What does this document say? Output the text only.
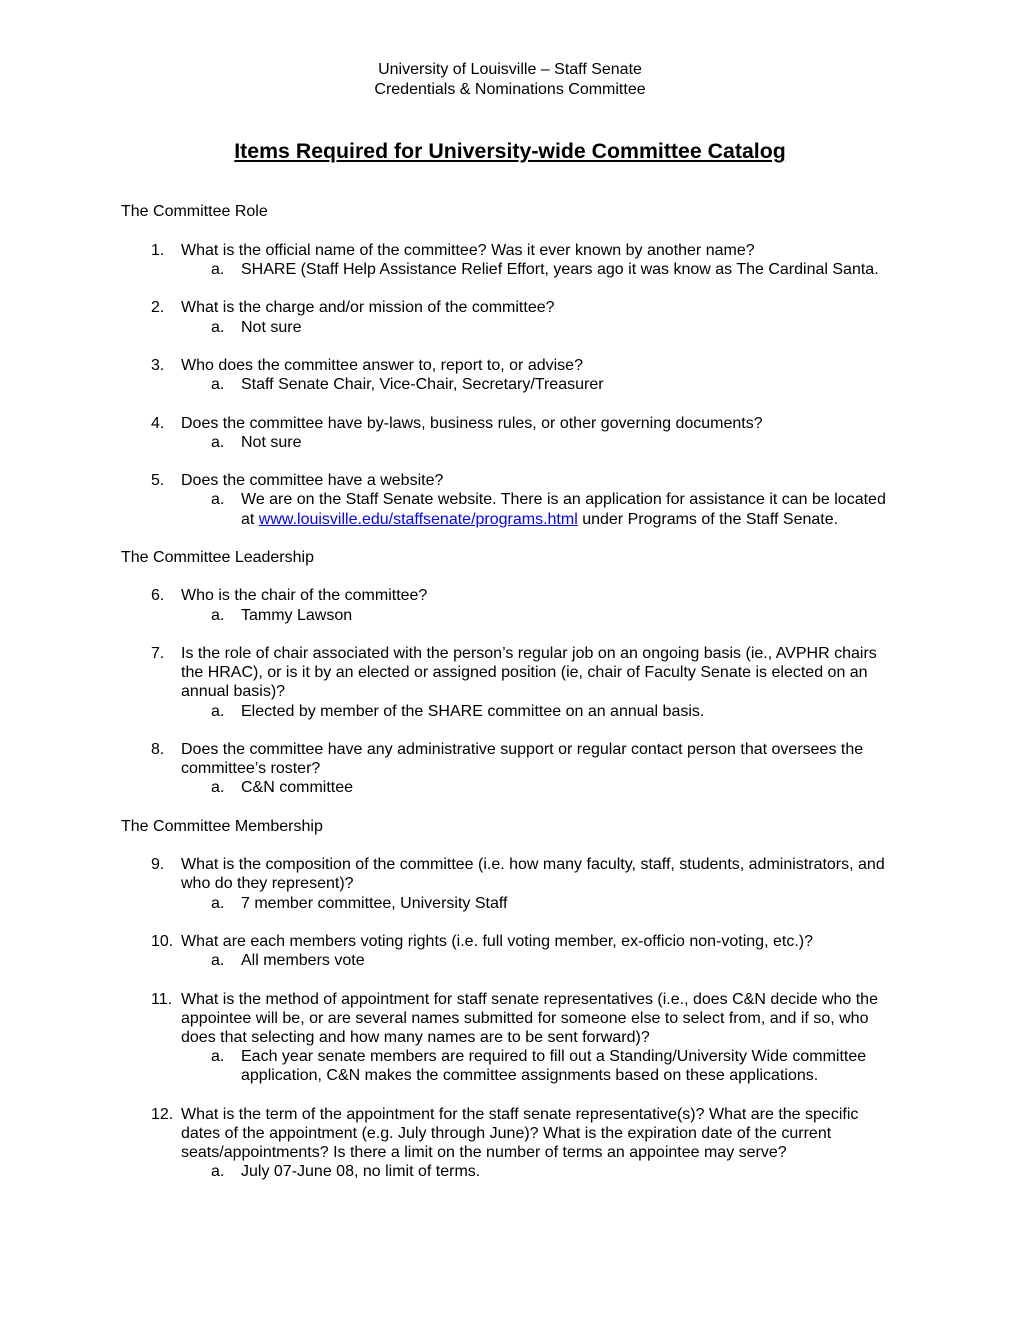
University of Louisville – Staff Senate
Credentials & Nominations Committee
Items Required for University-wide Committee Catalog
The Committee Role
1. What is the official name of the committee? Was it ever known by another name?
a. SHARE (Staff Help Assistance Relief Effort, years ago it was know as The Cardinal Santa.
2. What is the charge and/or mission of the committee?
a. Not sure
3. Who does the committee answer to, report to, or advise?
a. Staff Senate Chair, Vice-Chair, Secretary/Treasurer
4. Does the committee have by-laws, business rules, or other governing documents?
a. Not sure
5. Does the committee have a website?
a. We are on the Staff Senate website. There is an application for assistance it can be located at www.louisville.edu/staffsenate/programs.html under Programs of the Staff Senate.
The Committee Leadership
6. Who is the chair of the committee?
a. Tammy Lawson
7. Is the role of chair associated with the person’s regular job on an ongoing basis (ie., AVPHR chairs the HRAC), or is it by an elected or assigned position (ie, chair of Faculty Senate is elected on an annual basis)?
a. Elected by member of the SHARE committee on an annual basis.
8. Does the committee have any administrative support or regular contact person that oversees the committee’s roster?
a. C&N committee
The Committee Membership
9. What is the composition of the committee (i.e. how many faculty, staff, students, administrators, and who do they represent)?
a. 7 member committee, University Staff
10. What are each members voting rights (i.e. full voting member, ex-officio non-voting, etc.)?
a. All members vote
11. What is the method of appointment for staff senate representatives (i.e., does C&N decide who the appointee will be, or are several names submitted for someone else to select from, and if so, who does that selecting and how many names are to be sent forward)?
a. Each year senate members are required to fill out a Standing/University Wide committee application, C&N makes the committee assignments based on these applications.
12. What is the term of the appointment for the staff senate representative(s)? What are the specific dates of the appointment (e.g. July through June)? What is the expiration date of the current seats/appointments? Is there a limit on the number of terms an appointee may serve?
a. July 07-June 08, no limit of terms.
